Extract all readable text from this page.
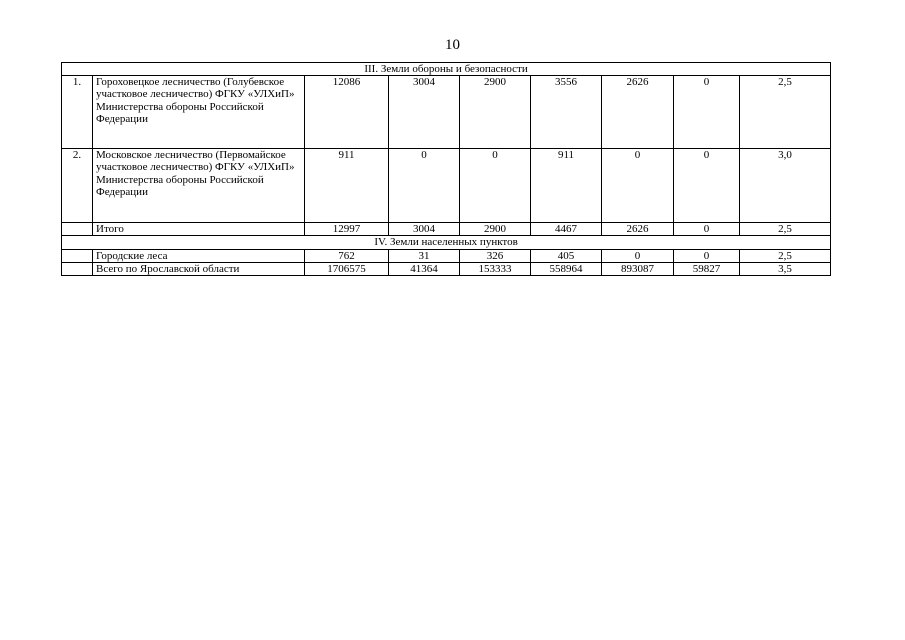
10
III. Земли обороны и безопасности								
1.	Гороховецкое лесничество (Голубевское участковое лесничество) ФГКУ «УЛХиП» Министерства обороны Российской Федерации	12086	3004	2900	3556	2626	0	2,5
2.	Московское лесничество (Первомайское участковое лесничество) ФГКУ «УЛХиП» Министерства обороны Российской Федерации	911	0	0	911	0	0	3,0
	Итого	12997	3004	2900	4467	2626	0	2,5
IV. Земли населенных пунктов								
	Городские леса	762	31	326	405	0	0	2,5
	Всего по Ярославской области	1706575	41364	153333	558964	893087	59827	3,5
